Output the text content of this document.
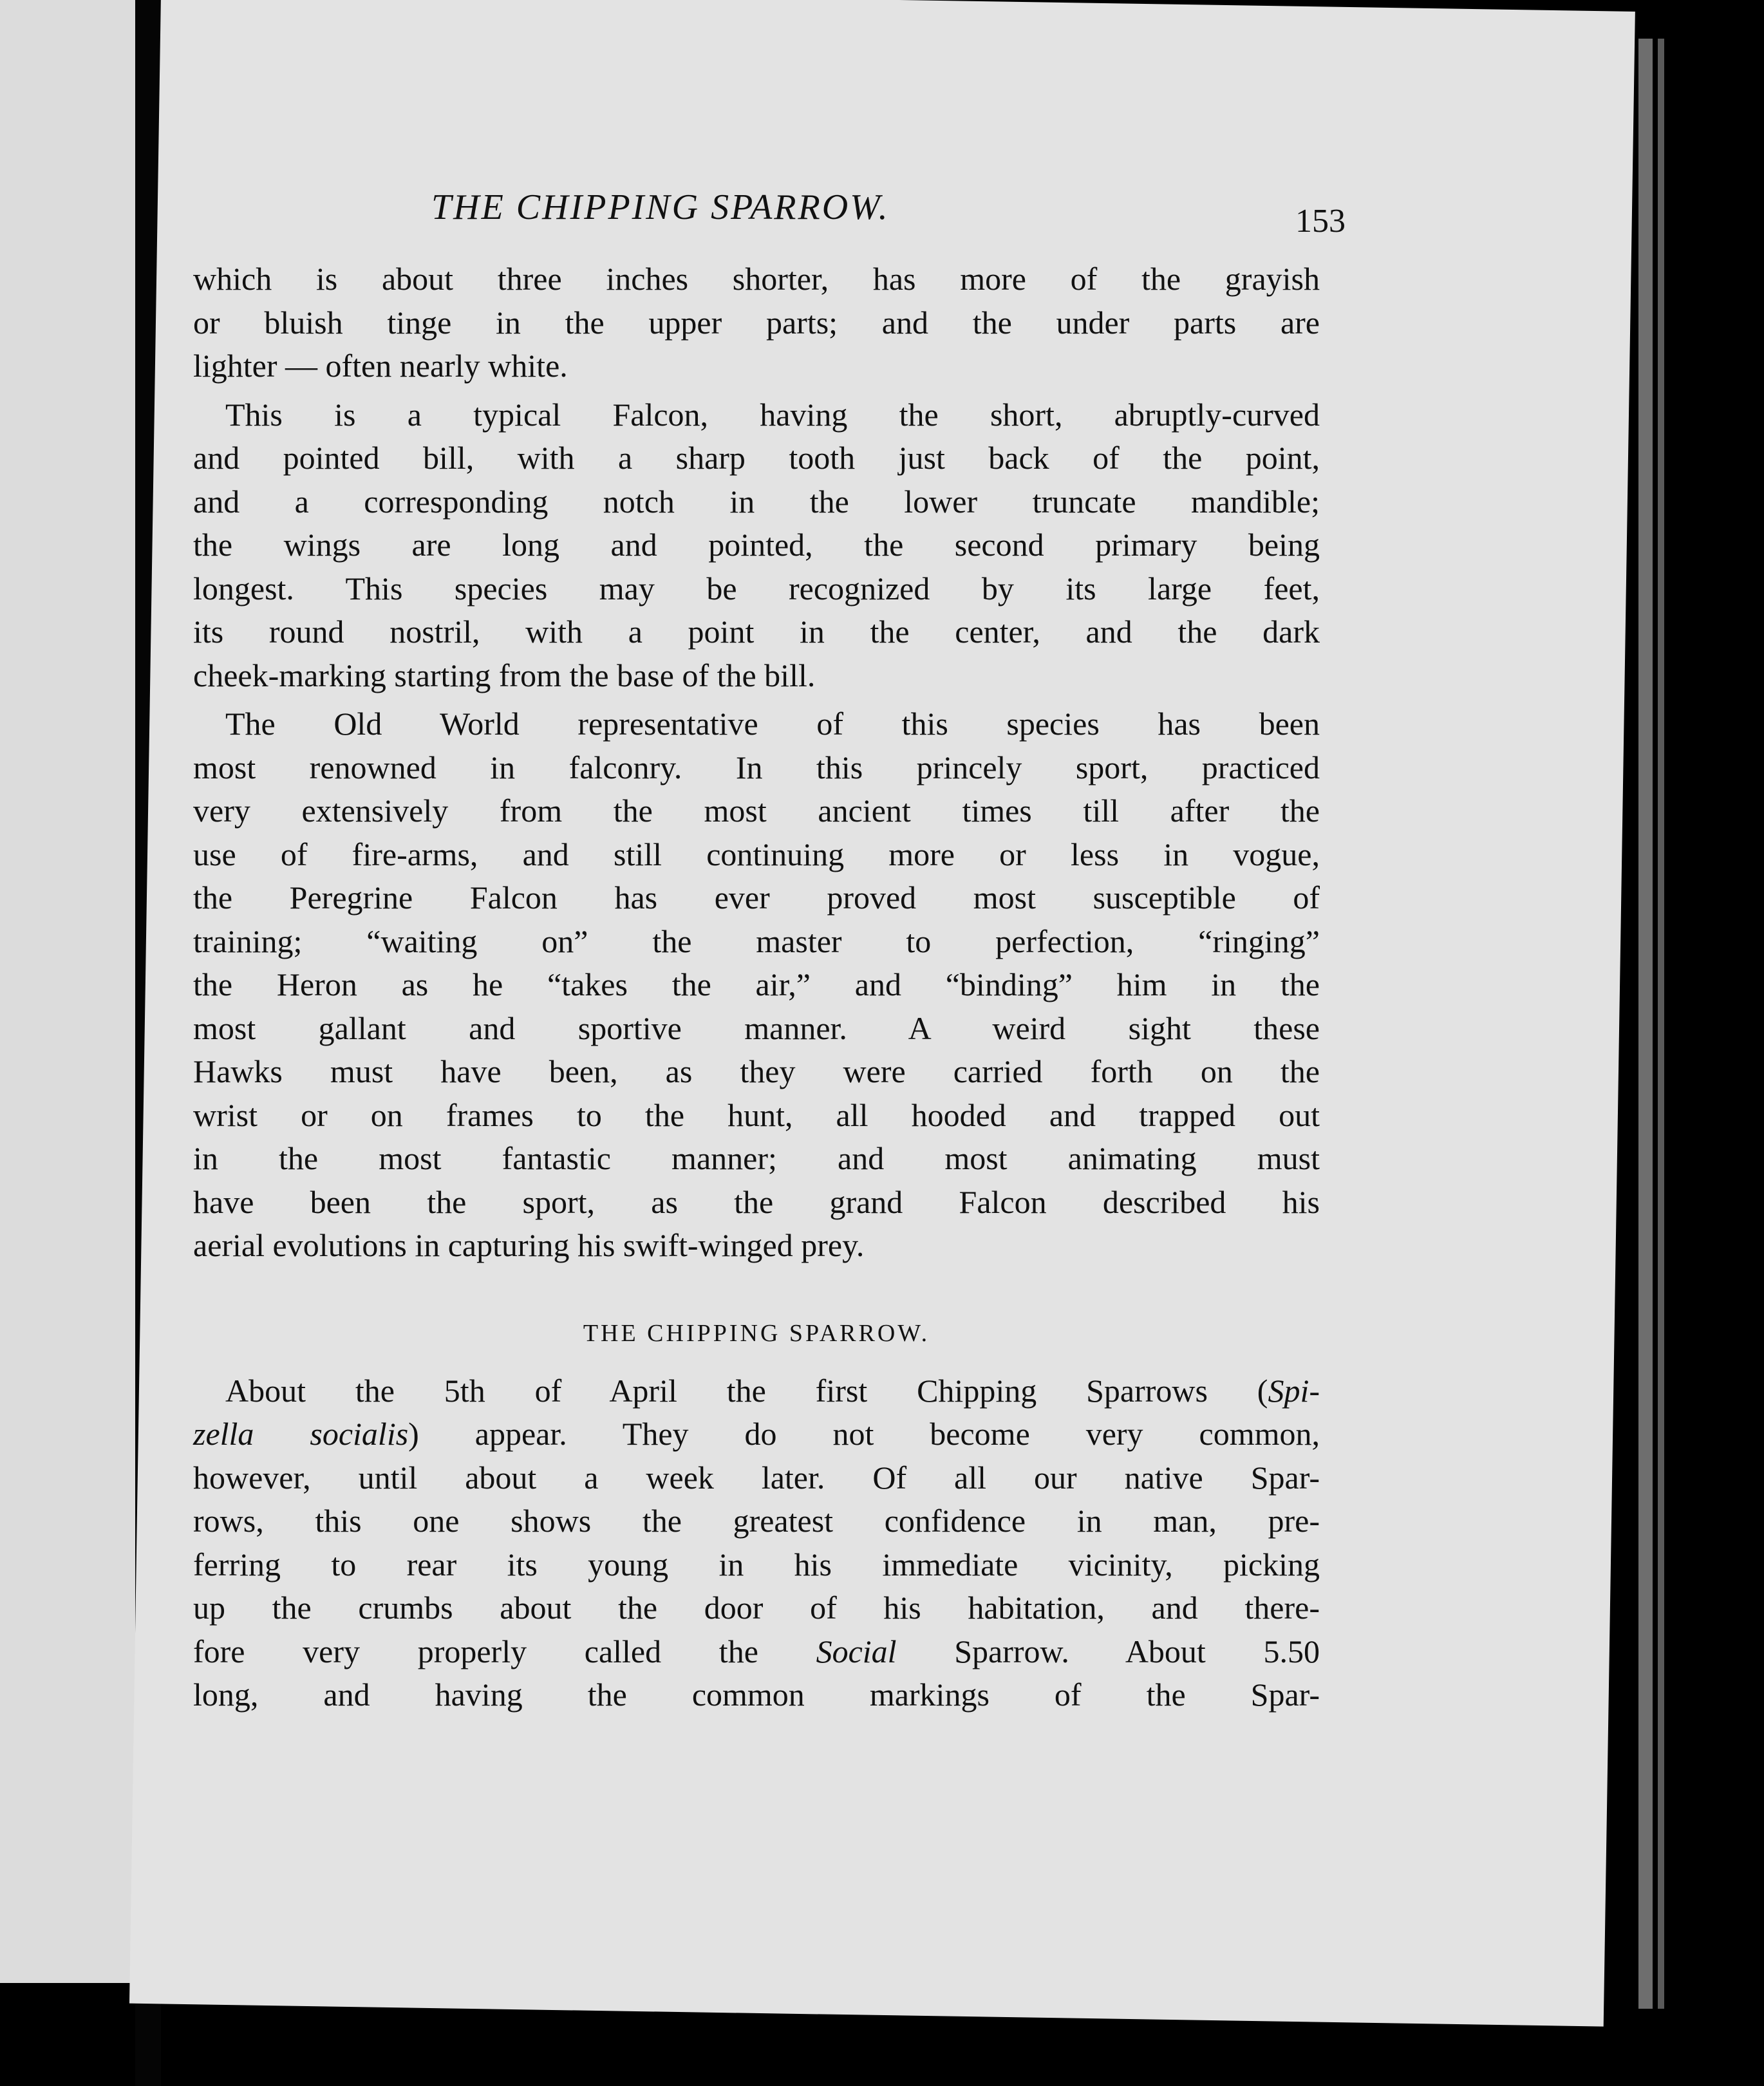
THE CHIPPING SPARROW.	153
which is about three inches shorter, has more of the grayish
or bluish tinge in the upper parts; and the under parts are
lighter — often nearly white.
This is a typical Falcon, having the short, abruptly-curved
and pointed bill, with a sharp tooth just back of the point,
and a corresponding notch in the lower truncate mandible;
the wings are long and pointed, the second primary being
longest. This species may be recognized by its large feet,
its round nostril, with a point in the center, and the dark
cheek-marking starting from the base of the bill.
The Old World representative of this species has been
most renowned in falconry. In this princely sport, practiced
very extensively from the most ancient times till after the
use of fire-arms, and still continuing more or less in vogue,
the Peregrine Falcon has ever proved most susceptible of
training; “waiting on” the master to perfection, “ringing”
the Heron as he “takes the air,” and “binding” him in the
most gallant and sportive manner. A weird sight these
Hawks must have been, as they were carried forth on the
wrist or on frames to the hunt, all hooded and trapped out
in the most fantastic manner; and most animating must
have been the sport, as the grand Falcon described his
aerial evolutions in capturing his swift-winged prey.
THE CHIPPING SPARROW.
About the 5th of April the first Chipping Sparrows (Spi-
zella socialis) appear. They do not become very common,
however, until about a week later. Of all our native Spar-
rows, this one shows the greatest confidence in man, pre-
ferring to rear its young in his immediate vicinity, picking
up the crumbs about the door of his habitation, and there-
fore very properly called the Social Sparrow. About 5.50
long, and having the common markings of the Spar-
